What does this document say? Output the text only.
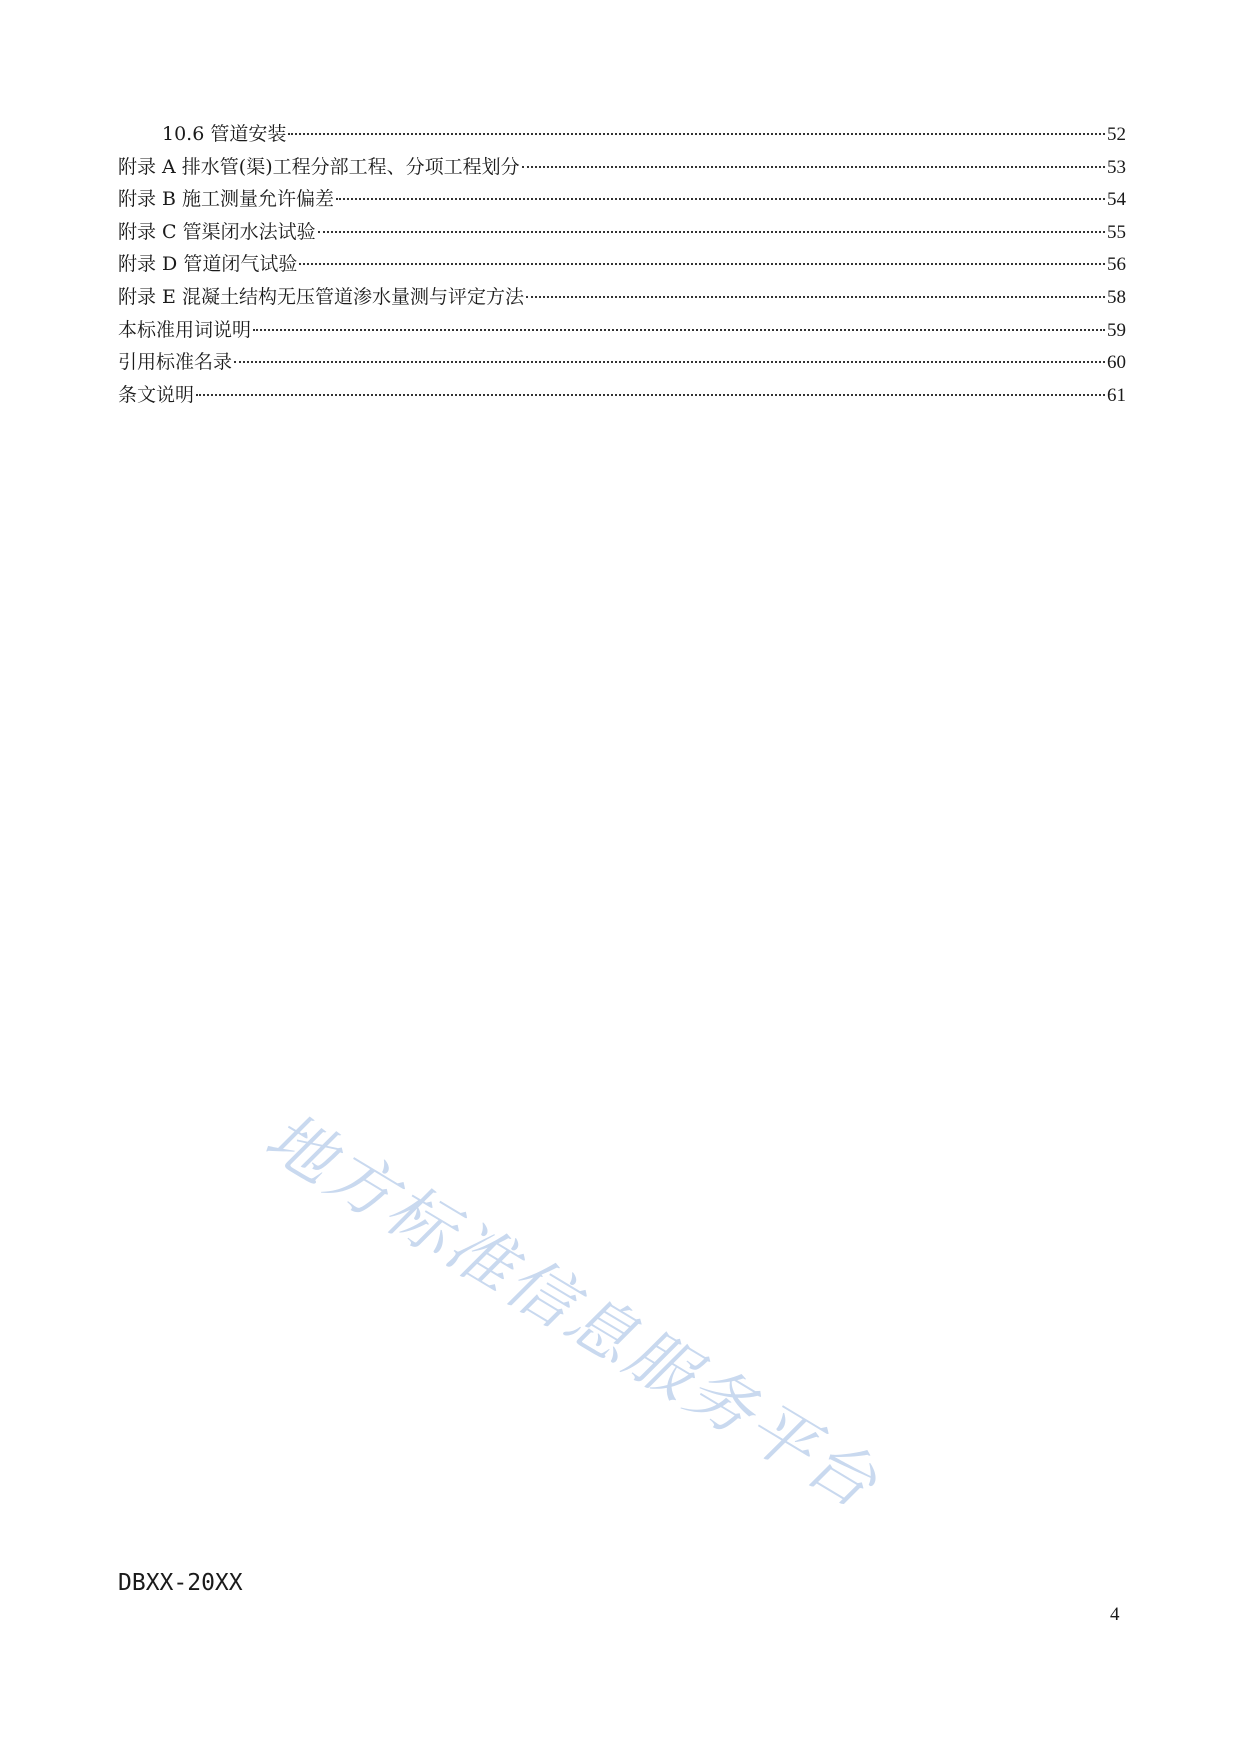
10.6 管道安装	52
附录 A 排水管(渠)工程分部工程、分项工程划分	53
附录 B 施工测量允许偏差	54
附录 C 管渠闭水法试验	55
附录 D 管道闭气试验	56
附录 E 混凝土结构无压管道渗水量测与评定方法	58
本标准用词说明	59
引用标准名录	60
条文说明	61
地方标准信息服务平台
DBXX-20XX
4
